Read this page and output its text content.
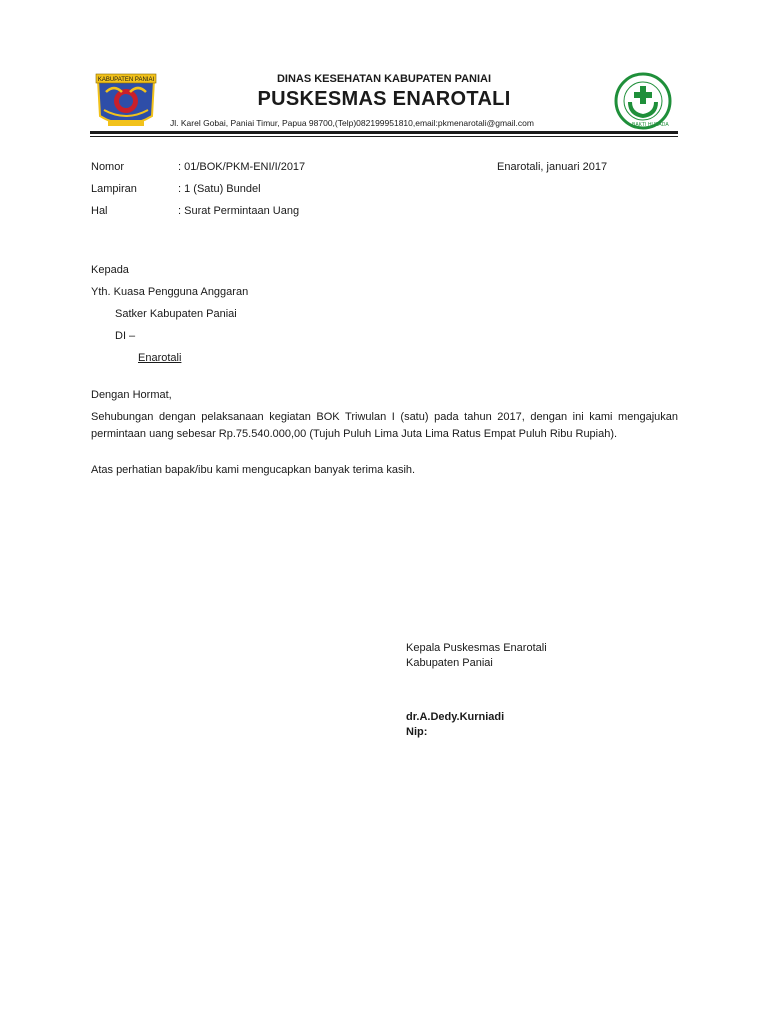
KABUPATEN PANIAI
BAKTI HUSADA
DINAS KESEHATAN KABUPATEN PANIAI
PUSKESMAS ENAROTALI
Jl. Karel Gobai, Paniai Timur, Papua 98700,(Telp)082199951810,email:pkmenarotali@gmail.com
Nomor	: 01/BOK/PKM-ENI/I/2017	Enarotali, januari 2017
Lampiran	: 1 (Satu) Bundel
Hal	: Surat Permintaan Uang
Kepada
Yth. Kuasa Pengguna Anggaran
Satker Kabupaten Paniai
DI –
Enarotali
Dengan Hormat,
Sehubungan dengan pelaksanaan kegiatan BOK Triwulan I (satu) pada tahun 2017, dengan ini kami mengajukan permintaan uang sebesar Rp.75.540.000,00 (Tujuh Puluh Lima Juta Lima Ratus Empat Puluh Ribu Rupiah).
Atas perhatian bapak/ibu kami mengucapkan banyak terima kasih.
Kepala Puskesmas Enarotali
Kabupaten Paniai
dr.A.Dedy.Kurniadi
Nip:
